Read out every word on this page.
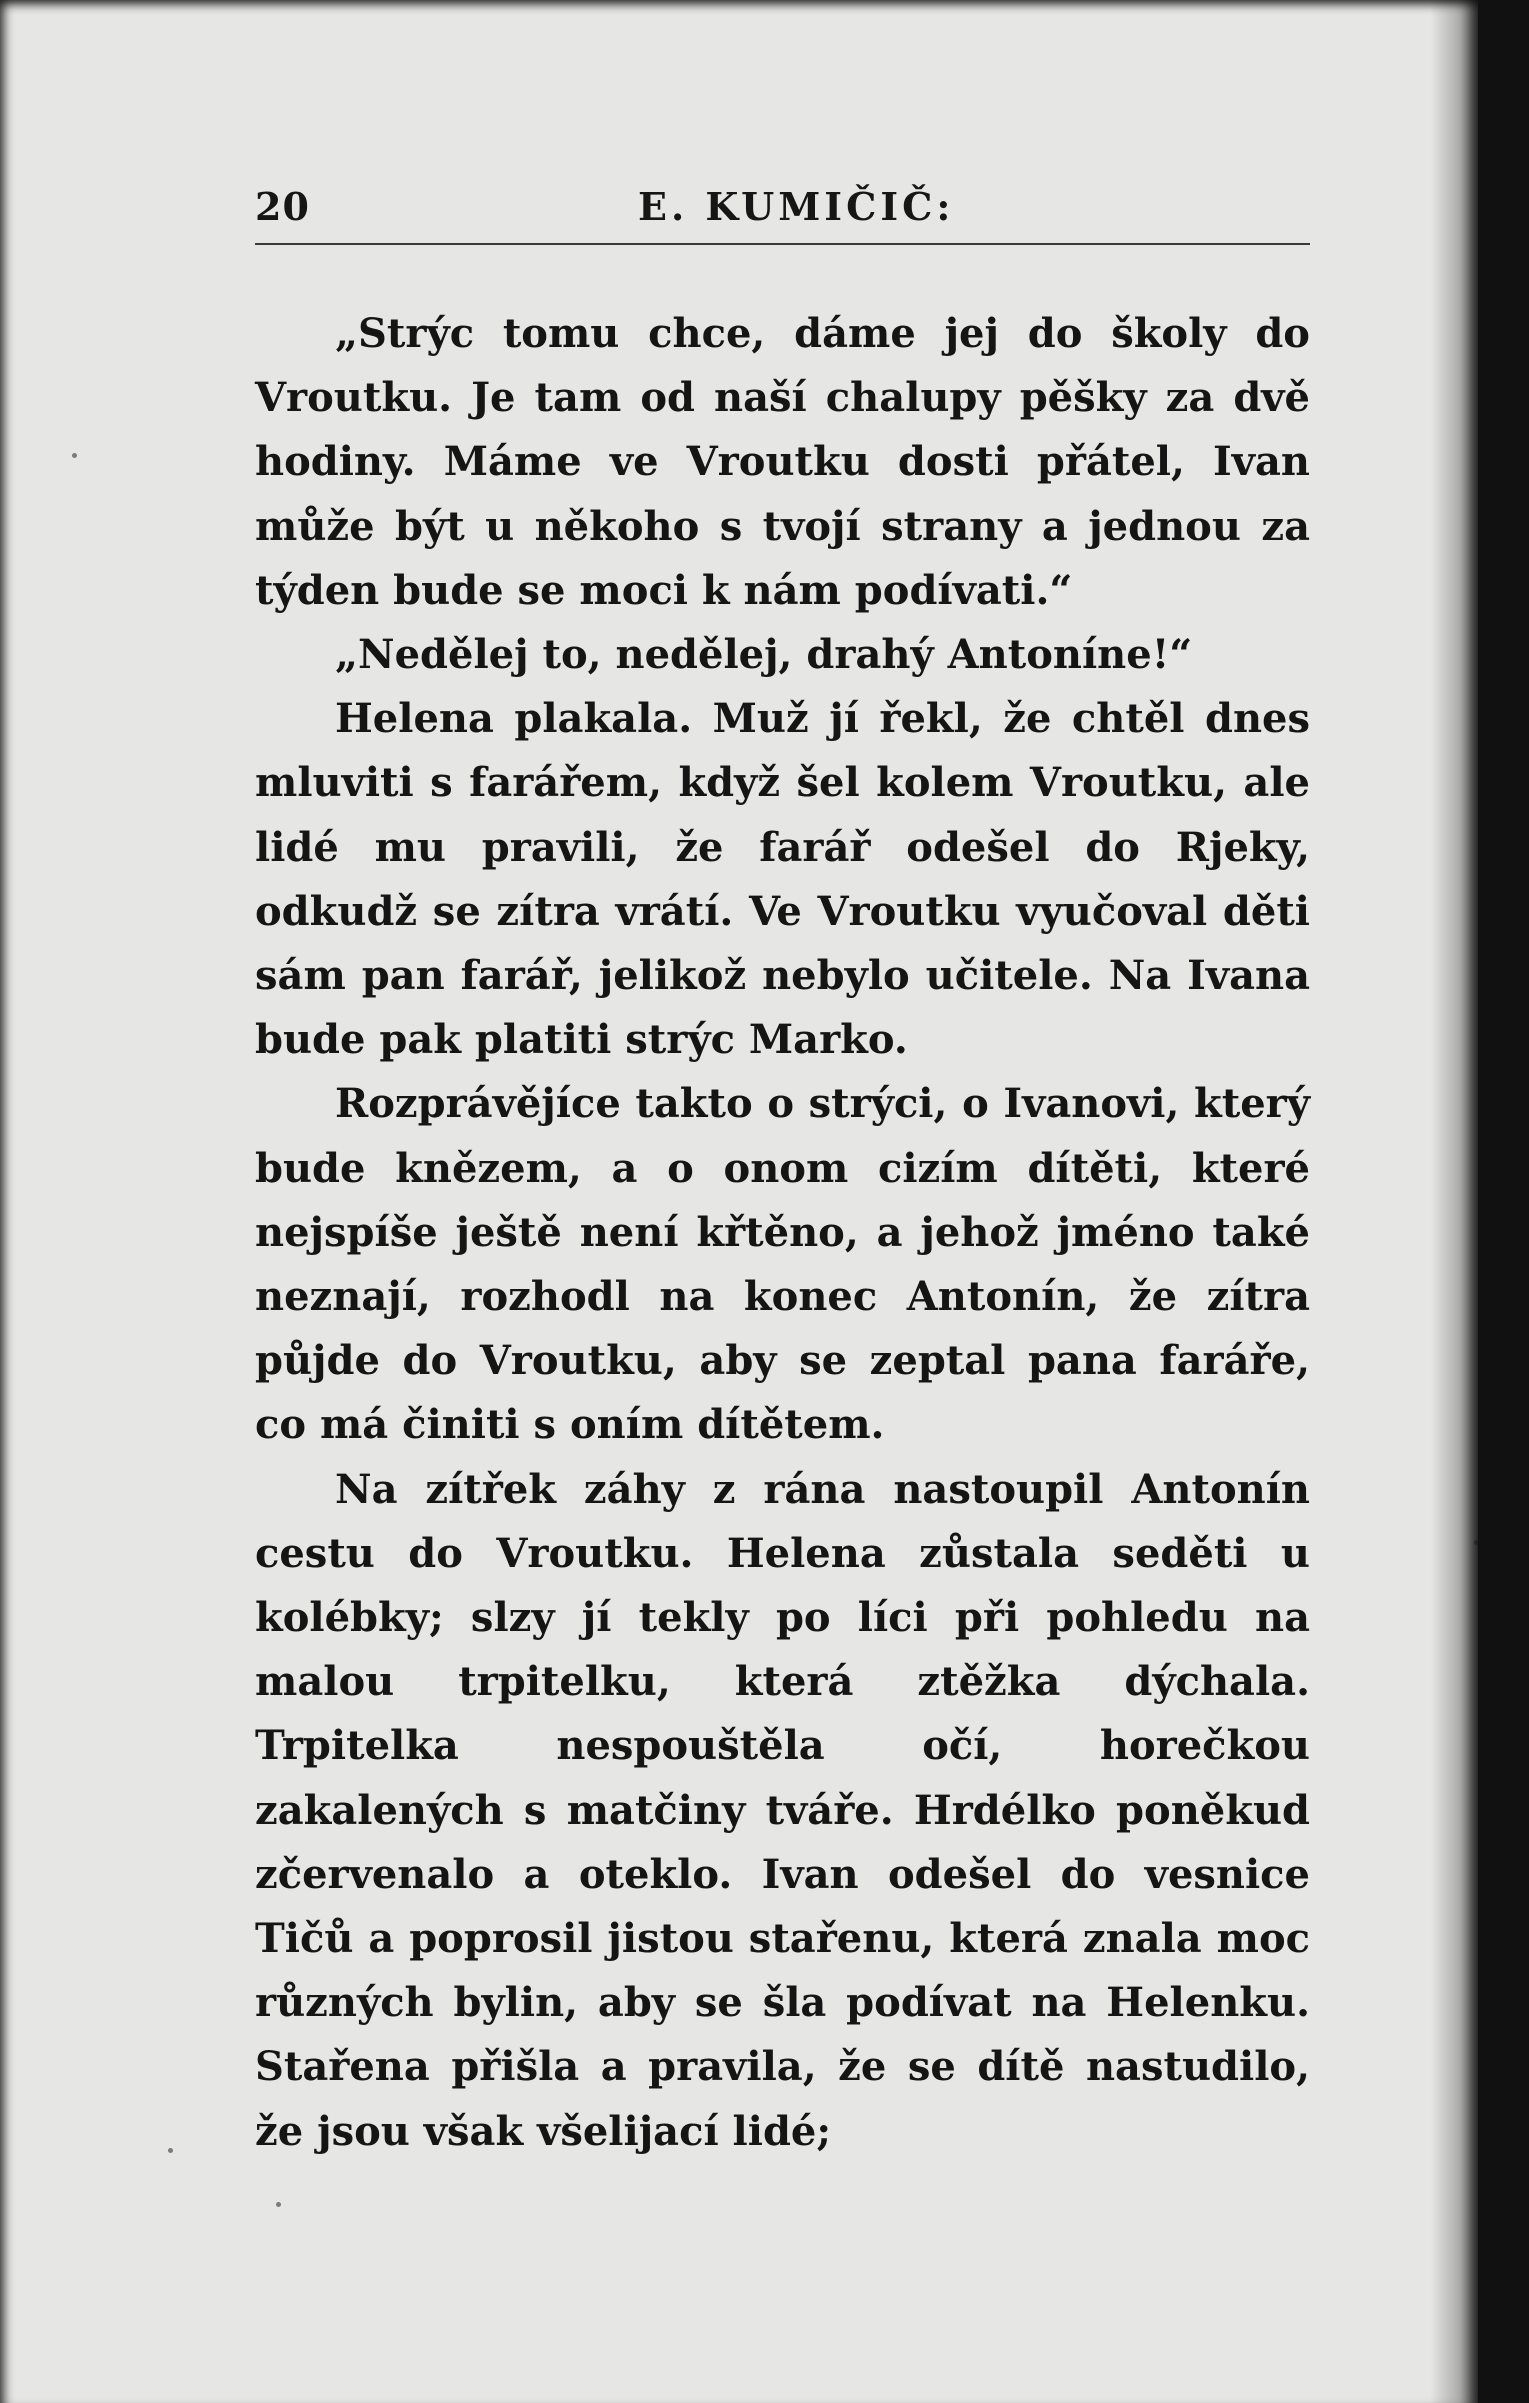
20	E. KUMIČIČ:

„Strýc tomu chce, dáme jej do školy do Vroutku. Je tam od naší chalupy pěšky za dvě hodiny. Máme ve Vroutku dosti přátel, Ivan může být u někoho s tvojí strany a jednou za týden bude se moci k nám podívati.“

„Nedělej to, nedělej, drahý Antoníne!“

Helena plakala. Muž jí řekl, že chtěl dnes mluviti s farářem, když šel kolem Vroutku, ale lidé mu pravili, že farář odešel do Rjeky, odkudž se zítra vrátí. Ve Vroutku vyučoval děti sám pan farář, jelikož nebylo učitele. Na Ivana bude pak platiti strýc Marko.

Rozprávějíce takto o strýci, o Ivanovi, který bude knězem, a o onom cizím dítěti, které nejspíše ještě není křtěno, a jehož jméno také neznají, rozhodl na konec Antonín, že zítra půjde do Vroutku, aby se zeptal pana faráře, co má činiti s oním dítětem.

Na zítřek záhy z rána nastoupil Antonín cestu do Vroutku. Helena zůstala seděti u kolébky; slzy jí tekly po líci při pohledu na malou trpitelku, která ztěžka dýchala. Trpitelka nespouštěla očí, horečkou zakalených s matčiny tváře. Hrdélko poněkud zčervenalo a oteklo. Ivan odešel do vesnice Tičů a poprosil jistou stařenu, která znala moc různých bylin, aby se šla podívat na Helenku. Stařena přišla a pravila, že se dítě nastudilo, že jsou však všelijací lidé;
